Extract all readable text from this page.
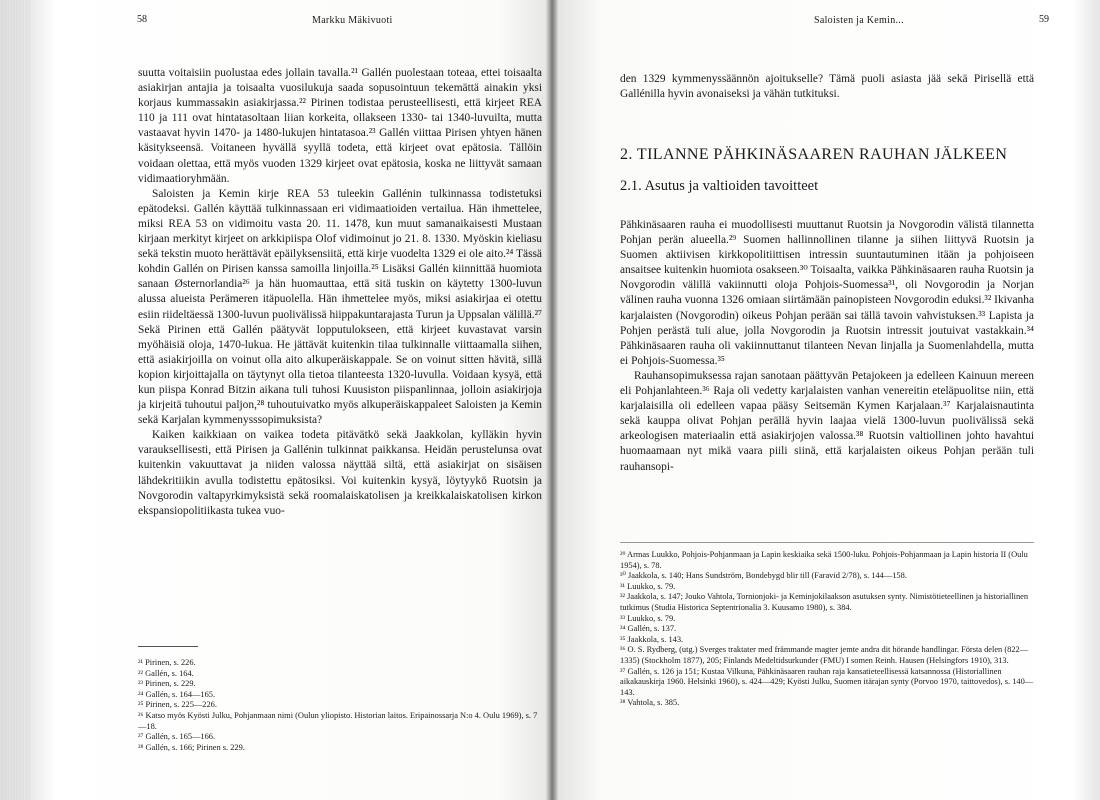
58	Markku Mäkivuoti

suutta voitaisiin puolustaa edes jollain tavalla.²¹ Gallén puolestaan toteaa, ettei toisaalta asiakirjan antajia ja toisaalta vuosilukuja saada sopusointuun tekemättä ainakin yksi korjaus kummassakin asiakirjassa.²² Pirinen todistaa perusteellisesti, että kirjeet REA 110 ja 111 ovat hintatasoltaan liian korkeita, ollakseen 1330- tai 1340-luvuilta, mutta vastaavat hyvin 1470- ja 1480-lukujen hintatasoa.²³ Gallén viittaa Pirisen yhtyen hänen käsitykseensä. Voitaneen hyvällä syyllä todeta, että kirjeet ovat epätosia. Tällöin voidaan olettaa, että myös vuoden 1329 kirjeet ovat epätosia, koska ne liittyvät samaan vidimaatioryhmään.

Saloisten ja Kemin kirje REA 53 tuleekin Gallénin tulkinnassa todistetuksi epätodeksi. Gallén käyttää tulkinnassaan eri vidimaatioiden vertailua. Hän ihmettelee, miksi REA 53 on vidimoitu vasta 20. 11. 1478, kun muut samanaikaisesti Mustaan kirjaan merkityt kirjeet on arkkipiispa Olof vidimoinut jo 21. 8. 1330. Myöskin kieliasu sekä tekstin muoto herättävät epäilyksensiitä, että kirje vuodelta 1329 ei ole aito.²⁴ Tässä kohdin Gallén on Pirisen kanssa samoilla linjoilla.²⁵ Lisäksi Gallén kiinnittää huomiota sanaan Østernorlandia²⁶ ja hän huomauttaa, että sitä tuskin on käytetty 1300-luvun alussa alueista Perämeren itäpuolella. Hän ihmettelee myös, miksi asiakirjaa ei otettu esiin riideltäessä 1300-luvun puolivälissä hiippakuntarajasta Turun ja Uppsalan välillä.²⁷ Sekä Pirinen että Gallén päätyvät lopputulokseen, että kirjeet kuvastavat varsin myöhäisiä oloja, 1470-lukua. He jättävät kuitenkin tilaa tulkinnalle viittaamalla siihen, että asiakirjoilla on voinut olla aito alkuperäiskappale. Se on voinut sitten hävitä, sillä kopion kirjoittajalla on täytynyt olla tietoa tilanteesta 1320-luvulla. Voidaan kysyä, että kun piispa Konrad Bitzin aikana tuli tuhosi Kuusiston piispanlinnaa, jolloin asiakirjoja ja kirjeitä tuhoutui paljon,²⁸ tuhoutuivatko myös alkuperäiskappaleet Saloisten ja Kemin sekä Karjalan kymmenysssopimuksista?

Kaiken kaikkiaan on vaikea todeta pitävätkö sekä Jaakkolan, kylläkin hyvin varauksellisesti, että Pirisen ja Gallénin tulkinnat paikkansa. Heidän perustelunsa ovat kuitenkin vakuuttavat ja niiden valossa näyttää siltä, että asiakirjat on sisäisen lähdekritiikin avulla todistettu epätosiksi. Voi kuitenkin kysyä, löytyykö Ruotsin ja Novgorodin valtapyrkimyksistä sekä roomalaiskatolisen ja kreikkalaiskatolisen kirkon ekspansiopolitiikasta tukea vuo-

²¹ Pirinen, s. 226.

²² Gallén, s. 164.

²³ Pirinen, s. 229.

²⁴ Gallén, s. 164—165.

²⁵ Pirinen, s. 225—226.

²⁶ Katso myös Kyösti Julku, Pohjanmaan nimi (Oulun yliopisto. Historian laitos. Eripainossarja N:o 4. Oulu 1969), s. 7—18.

²⁷ Gallén, s. 165—166.

²⁸ Gallén, s. 166; Pirinen s. 229.

Saloisten ja Kemin...	59

den 1329 kymmenyssäännön ajoitukselle? Tämä puoli asiasta jää sekä Pirisellä että Gallénilla hyvin avonaiseksi ja vähän tutkituksi.

Pähkinäsaaren rauha ei muodollisesti muuttanut Ruotsin ja Novgorodin välistä tilannetta Pohjan perän alueella.²⁹ Suomen hallinnollinen tilanne ja siihen liittyvä Ruotsin ja Suomen aktiivisen kirkkopolitiittisen intressin suuntautuminen itään ja pohjoiseen ansaitsee kuitenkin huomiota osakseen.³⁰ Toisaalta, vaikka Pähkinäsaaren rauha Ruotsin ja Novgorodin välillä vakiinnutti oloja Pohjois-Suomessa³¹, oli Novgorodin ja Norjan välinen rauha vuonna 1326 omiaan siirtämään painopisteen Novgorodin eduksi.³² Ikivanha karjalaisten (Novgorodin) oikeus Pohjan perään sai tällä tavoin vahvistuksen.³³ Lapista ja Pohjen perästä tuli alue, jolla Novgorodin ja Ruotsin intressit joutuivat vastakkain.³⁴ Pähkinäsaaren rauha oli vakiinnuttanut tilanteen Nevan linjalla ja Suomenlahdella, mutta ei Pohjois-Suomessa.³⁵

Rauhansopimuksessa rajan sanotaan päättyvän Petajokeen ja edelleen Kainuun mereen eli Pohjanlahteen.³⁶ Raja oli vedetty karjalaisten vanhan venereitin eteläpuolitse niin, että karjalaisilla oli edelleen vapaa pääsy Seitsemän Kymen Karjalaan.³⁷ Karjalaisnautinta sekä kauppa olivat Pohjan perällä hyvin laajaa vielä 1300-luvun puolivälissä sekä arkeologisen materiaalin että asiakirjojen valossa.³⁸ Ruotsin valtiollinen johto havahtui huomaamaan nyt mikä vaara piili siinä, että karjalaisten oikeus Pohjan perään tuli rauhansopi-

²⁹ Armas Luukko, Pohjois-Pohjanmaan ja Lapin keskiaika sekä 1500-luku. Pohjois-Pohjanmaan ja Lapin historia II (Oulu 1954), s. 78.

³⁰ Jaakkola, s. 140; Hans Sundström, Bondebygd blir till (Faravid 2/78), s. 144—158.

³¹ Luukko, s. 79.

³² Jaakkola, s. 147; Jouko Vahtola, Tornionjoki- ja Keminjokilaakson asutuksen synty. Nimistötieteellinen ja historiallinen tutkimus (Studia Historica Septentrionalia 3. Kuusamo 1980), s. 384.

³³ Luukko, s. 79.

³⁴ Gallén, s. 137.

³⁵ Jaakkola, s. 143.

³⁶ O. S. Rydberg, (utg.) Sverges traktater med främmande magter jemte andra dit hörande handlingar. Första delen (822—1335) (Stockholm 1877), 205; Finlands Medeltidsurkunder (FMU) I somen Reinh. Hausen (Helsingfors 1910), 313.

³⁷ Gallén, s. 126 ja 151; Kustaa Vilkuna, Pähkinäsaaren rauhan raja kansatieteellisessä katsannossa (Historiallinen aikakauskirja 1960. Helsinki 1960), s. 424—429; Kyösti Julku, Suomen itärajan synty (Porvoo 1970, taittovedos), s. 140—143.

³⁸ Vahtola, s. 385.

2. TILANNE PÄHKINÄSAAREN RAUHAN JÄLKEEN
2.1. Asutus ja valtioiden tavoitteet
